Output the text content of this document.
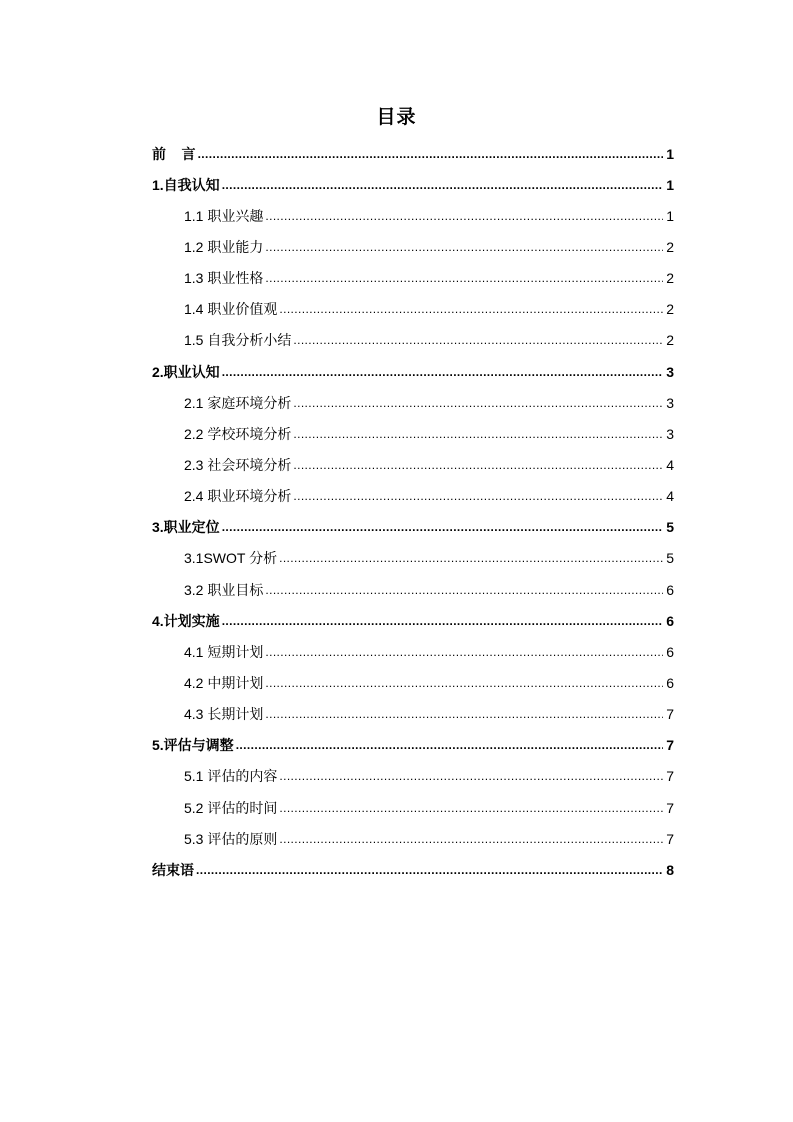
目录
前    言 .....	1
1.自我认知 .....	1
1.1 职业兴趣 .....	1
1.2 职业能力 .....	2
1.3 职业性格 .....	2
1.4 职业价值观 .....	2
1.5 自我分析小结 .....	2
2.职业认知 .....	3
2.1 家庭环境分析 .....	3
2.2 学校环境分析 .....	3
2.3 社会环境分析 .....	4
2.4 职业环境分析 .....	4
3.职业定位 .....	5
3.1SWOT 分析 .....	5
3.2 职业目标 .....	6
4.计划实施 .....	6
4.1 短期计划 .....	6
4.2 中期计划 .....	6
4.3 长期计划 .....	7
5.评估与调整 .....	7
5.1 评估的内容 .....	7
5.2 评估的时间 .....	7
5.3 评估的原则 .....	7
结束语 .....	8
